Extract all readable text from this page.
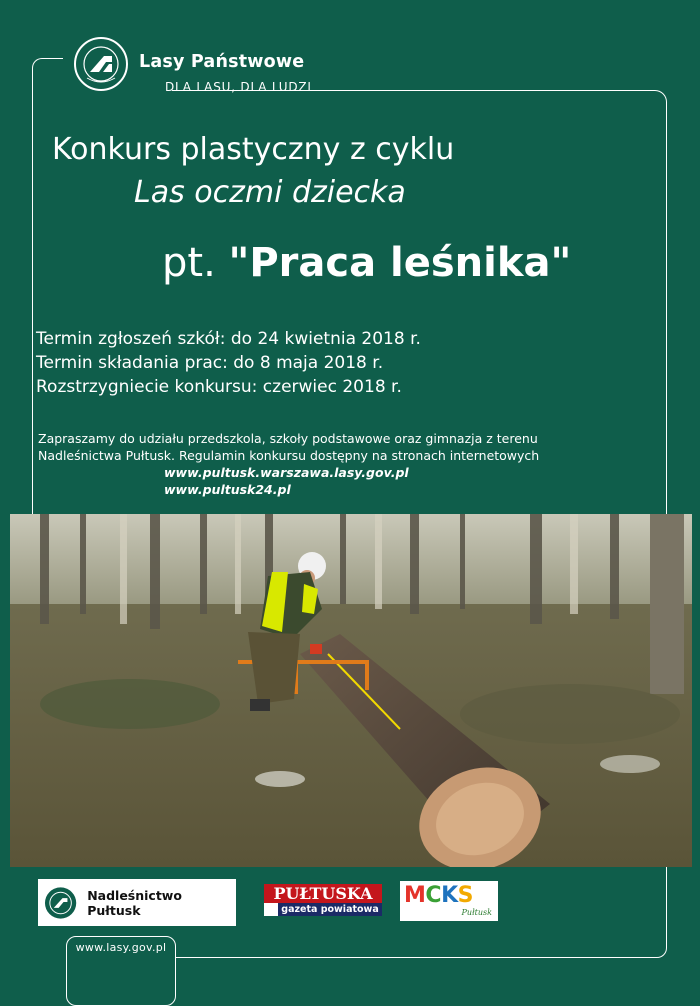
Lasy Państwowe
DLA LASU, DLA LUDZI
Konkurs plastyczny z cyklu
Las oczmi dziecka
pt. "Praca leśnika"
Termin zgłoszeń szkół: do 24 kwietnia 2018 r.
Termin składania prac: do 8 maja 2018 r.
Rozstrzygniecie konkursu: czerwiec 2018 r.
Zapraszamy do udziału przedszkola, szkoły podstawowe oraz gimnazja z terenu
Nadleśnictwa Pułtusk. Regulamin konkursu dostępny na stronach internetowych
www.pultusk.warszawa.lasy.gov.pl
www.pultusk24.pl
Nadleśnictwo Pułtusk
PUŁTUSKA
gazeta powiatowa
MCKS
Pułtusk
www.lasy.gov.pl
